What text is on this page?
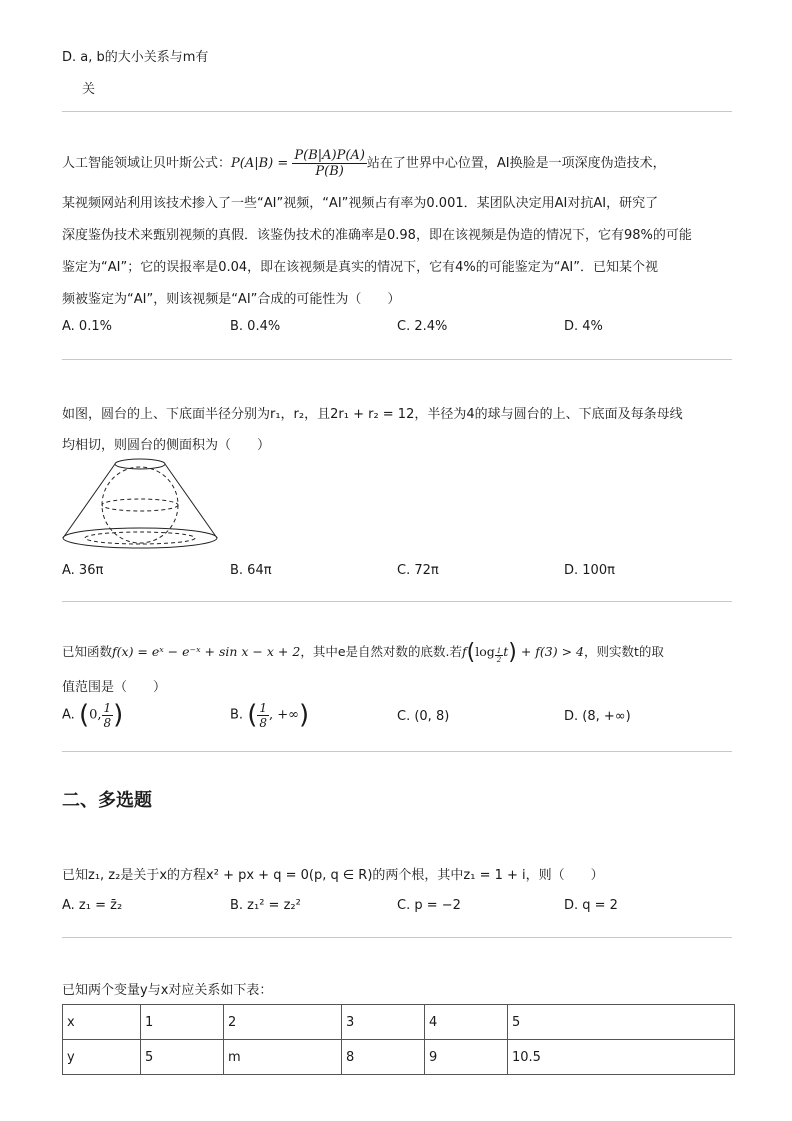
D. a, b的大小关系与m有
关
人工智能领域让贝叶斯公式：$P(A|B) = \frac{P(B|A)P(A)}{P(B)}$ 站在了世界中心位置，AI换脸是一项深度伪造技术，
某视频网站利用该技术掺入了一些“AI”视频，“AI”视频占有率为0.001．某团队决定用AI对抗AI，研究了
深度鉴伪技术来甄别视频的真假．该鉴伪技术的准确率是0.98，即在该视频是伪造的情况下，它有98%的可能
鉴定为“AI”；它的误报率是0.04，即在该视频是真实的情况下，它有4%的可能鉴定为“AI”．已知某个视
频被鉴定为“AI”，则该视频是“AI”合成的可能性为（　　）
A. 0.1%	B. 0.4%	C. 2.4%	D. 4%
如图，圆台的上、下底面半径分别为r₁，r₂，且2r₁ + r₂ = 12，半径为4的球与圆台的上、下底面及每条母线
均相切，则圆台的侧面积为（　　）
A. 36π	B. 64π	C. 72π	D. 100π
已知函数f(x) = eˣ − e⁻ˣ + sin x − x + 2，其中e是自然对数的底数.若$f(\log \frac{1}{2} t) + f(3) > 4$，则实数t的取
值范围是（　　）
A. (0, $\frac{1}{8}$ )	B. ( $\frac{1}{8}$ , +∞)	C. (0, 8)	D. (8, +∞)
二、多选题
已知z₁, z₂是关于x的方程x² + px + q = 0(p, q ∈ R)的两个根，其中z₁ = 1 + i，则（　　）
A. z₁ = z̄₂	B. z₁² = z₂²	C. p = −2	D. q = 2
已知两个变量y与x对应关系如下表：
x	1	2	3	4	5
y	5	m	8	9	10.5
